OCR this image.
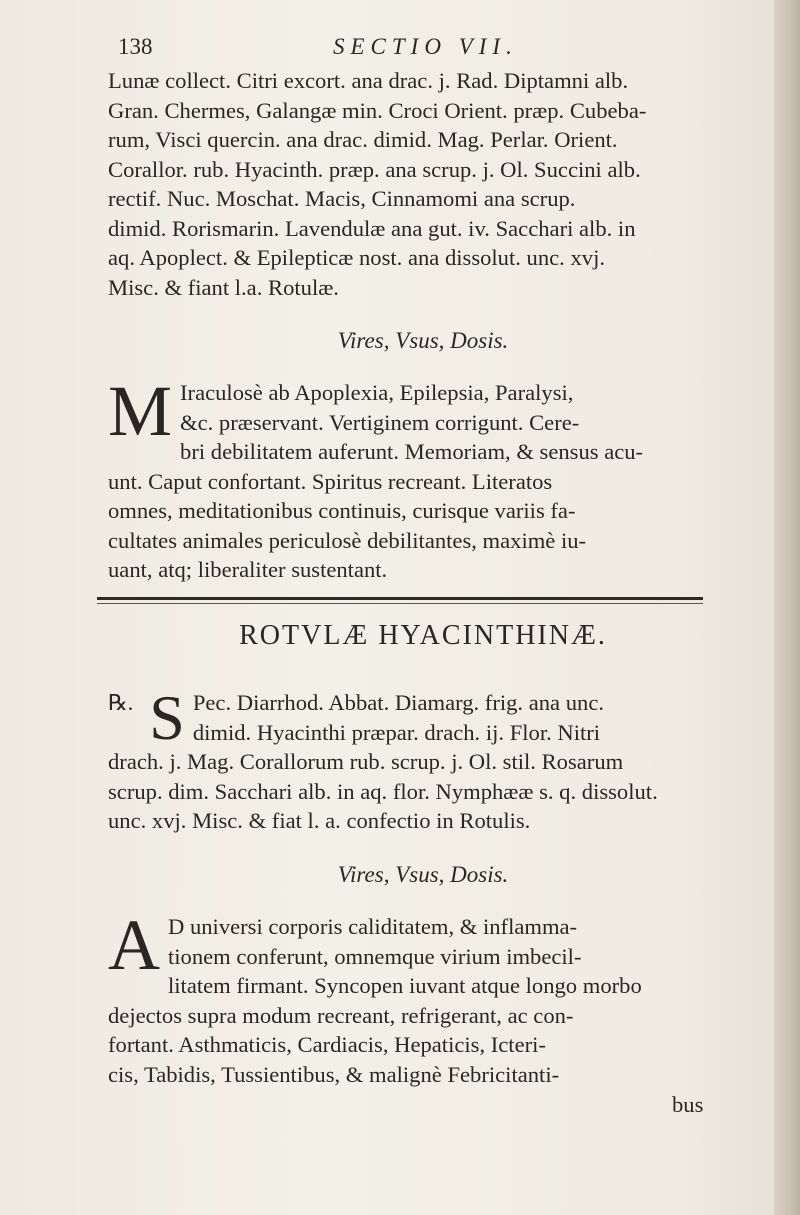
138	SECTIO VII.
Lunæ collect. Citri excort. ana drac. j. Rad. Diptamni alb.
Gran. Chermes, Galangæ min. Croci Orient. præp. Cubeba-
rum, Visci quercin. ana drac. dimid. Mag. Perlar. Orient.
Corallor. rub. Hyacinth. præp. ana scrup. j. Ol. Succini alb.
rectif. Nuc. Moschat. Macis, Cinnamomi ana scrup.
dimid. Rorismarin. Lavendulæ ana gut. iv. Sacchari alb. in
aq. Apoplect. & Epilepticæ nost. ana dissolut. unc. xvj.
Misc. & fiant l.a. Rotulæ.
Vires, Vsus, Dosis.
M Iraculosè ab Apoplexia, Epilepsia, Paralysi,
&c. præservant. Vertiginem corrigunt. Cere-
bri debilitatem auferunt. Memoriam, & sensus acu-
unt. Caput confortant. Spiritus recreant. Literatos
omnes, meditationibus continuis, curisque variis fa-
cultates animales periculosè debilitantes, maximè iu-
uant, atq; liberaliter sustentant.
ROTVLÆ HYACINTHINÆ.
℞. S Pec. Diarrhod. Abbat. Diamarg. frig. ana unc.
dimid. Hyacinthi præpar. drach. ij. Flor. Nitri
drach. j. Mag. Corallorum rub. scrup. j. Ol. stil. Rosarum
scrup. dim. Sacchari alb. in aq. flor. Nymphææ s. q. dissolut.
unc. xvj. Misc. & fiat l. a. confectio in Rotulis.
Vires, Vsus, Dosis.
A D universi corporis caliditatem, & inflamma-
tionem conferunt, omnemque virium imbecil-
litatem firmant. Syncopen iuvant atque longo morbo
dejectos supra modum recreant, refrigerant, ac con-
fortant. Asthmaticis, Cardiacis, Hepaticis, Icteri-
cis, Tabidis, Tussientibus, & malignè Febricitanti-
bus
